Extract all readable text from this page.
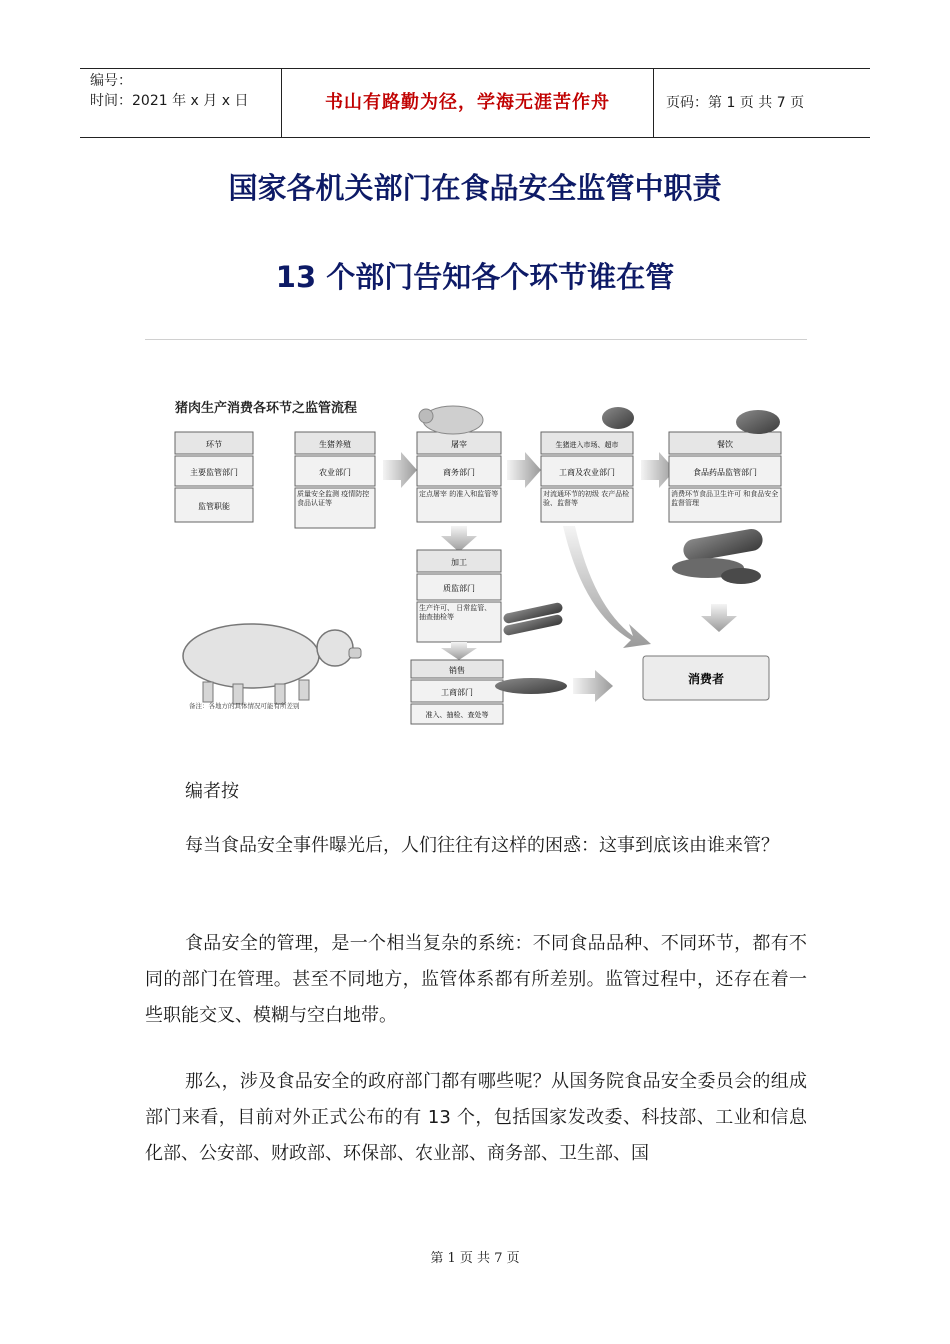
编号：
时间：2021 年 x 月 x 日	书山有路勤为径，学海无涯苦作舟	页码：第 1 页 共 7 页
国家各机关部门在食品安全监管中职责
13 个部门告知各个环节谁在管
猪肉生产消费各环节之监管流程
环节
主要监管部门
监管职能
生猪养殖
农业部门
质量安全监测 疫情防控 食品认证等
屠宰
商务部门
定点屠宰 的准入和监管等
生猪进入市场、超市
工商及农业部门
对流通环节的初级 农产品检验、监督等
餐饮
食品药品监管部门
消费环节食品卫生许可 和食品安全监督管理
加工
质监部门
生产许可、 日常监管、 抽查抽检等
销售
工商部门
准入、抽检、查处等
消费者
备注：各地方的具体情况可能有所差别

编者按

每当食品安全事件曝光后，人们往往有这样的困惑：这事到底该由谁来管？

食品安全的管理，是一个相当复杂的系统：不同食品品种、不同环节，都有不同的部门在管理。甚至不同地方，监管体系都有所差别。监管过程中，还存在着一些职能交叉、模糊与空白地带。

那么，涉及食品安全的政府部门都有哪些呢？从国务院食品安全委员会的组成部门来看，目前对外正式公布的有 13 个，包括国家发改委、科技部、工业和信息化部、公安部、财政部、环保部、农业部、商务部、卫生部、国

第 1 页 共 7 页
